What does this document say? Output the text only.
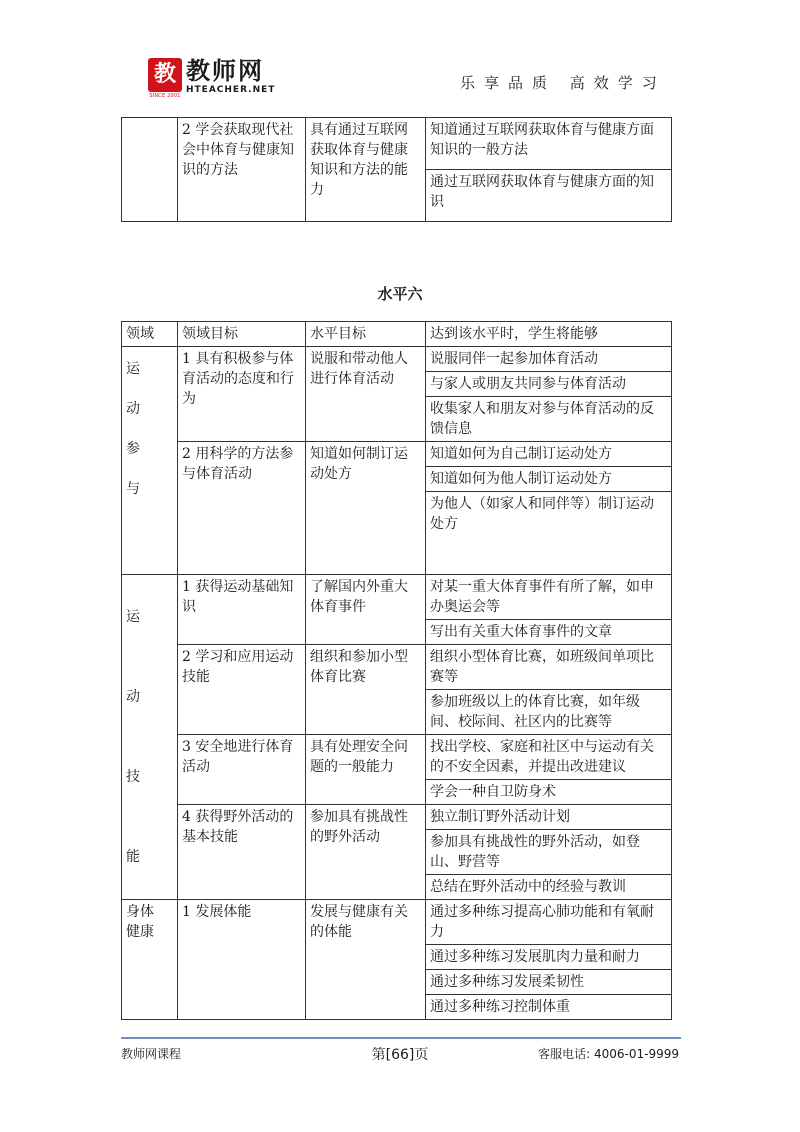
教
SINCE 2001
教师网
HTEACHER.NET	乐享品质 高效学习
	2 学会获取现代社会中体育与健康知识的方法	具有通过互联网获取体育与健康知识和方法的能力	知道通过互联网获取体育与健康方面知识的一般方法
通过互联网获取体育与健康方面的知识
水平六
领域	领域目标	水平目标	达到该水平时，学生将能够

运动参与	1 具有积极参与体育活动的态度和行为	说服和带动他人进行体育活动	说服同伴一起参加体育活动
			与家人或朋友共同参与体育活动
			收集家人和朋友对参与体育活动的反馈信息
	2 用科学的方法参与体育活动	知道如何制订运动处方	知道如何为自己制订运动处方
			知道如何为他人制订运动处方
			为他人（如家人和同伴等）制订运动处方

运动技能	1 获得运动基础知识	了解国内外重大体育事件	对某一重大体育事件有所了解，如申办奥运会等
			写出有关重大体育事件的文章
	2 学习和应用运动技能	组织和参加小型体育比赛	组织小型体育比赛，如班级间单项比赛等
			参加班级以上的体育比赛，如年级间、校际间、社区内的比赛等
	3 安全地进行体育活动	具有处理安全问题的一般能力	找出学校、家庭和社区中与运动有关的不安全因素，并提出改进建议
			学会一种自卫防身术
	4 获得野外活动的基本技能	参加具有挑战性的野外活动	独立制订野外活动计划
			参加具有挑战性的野外活动，如登山、野营等
			总结在野外活动中的经验与教训

身体健康	1 发展体能	发展与健康有关的体能	通过多种练习提高心肺功能和有氧耐力
			通过多种练习发展肌肉力量和耐力
			通过多种练习发展柔韧性
			通过多种练习控制体重
教师网课程	第[66]页	客服电话: 4006-01-9999
